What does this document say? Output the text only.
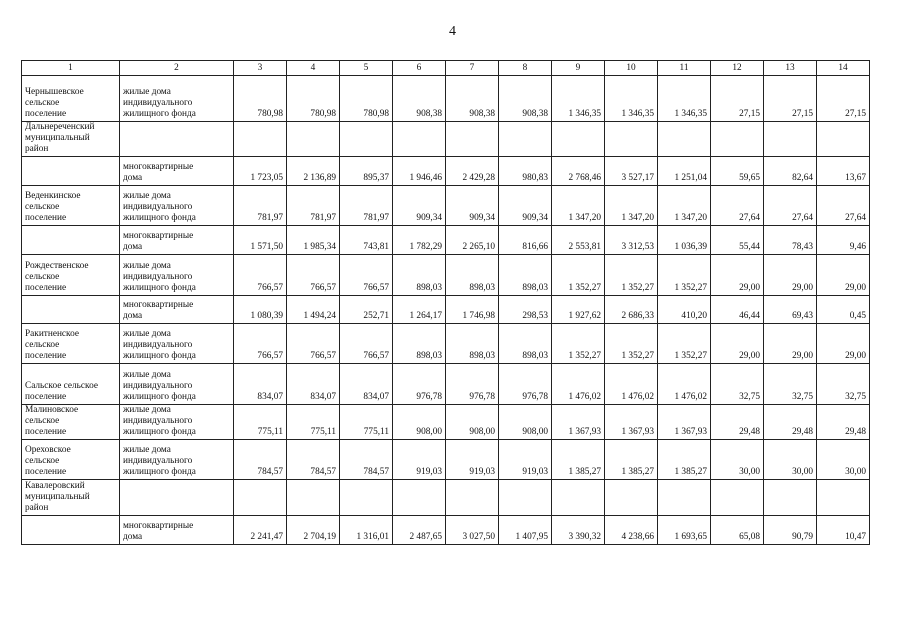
4
1	2	3	4	5	6	7	8	9	10	11	12	13	14
Чернышевское
сельское
поселение	жилые дома
индивидуального
жилищного фонда	780,98	780,98	780,98	908,38	908,38	908,38	1 346,35	1 346,35	1 346,35	27,15	27,15	27,15
Дальнереченский
муниципальный
район													
	многоквартирные
дома	1 723,05	2 136,89	895,37	1 946,46	2 429,28	980,83	2 768,46	3 527,17	1 251,04	59,65	82,64	13,67
Веденкинское
сельское
поселение	жилые дома
индивидуального
жилищного фонда	781,97	781,97	781,97	909,34	909,34	909,34	1 347,20	1 347,20	1 347,20	27,64	27,64	27,64
	многоквартирные
дома	1 571,50	1 985,34	743,81	1 782,29	2 265,10	816,66	2 553,81	3 312,53	1 036,39	55,44	78,43	9,46
Рождественское
сельское
поселение	жилые дома
индивидуального
жилищного фонда	766,57	766,57	766,57	898,03	898,03	898,03	1 352,27	1 352,27	1 352,27	29,00	29,00	29,00
	многоквартирные
дома	1 080,39	1 494,24	252,71	1 264,17	1 746,98	298,53	1 927,62	2 686,33	410,20	46,44	69,43	0,45
Ракитненское
сельское
поселение	жилые дома
индивидуального
жилищного фонда	766,57	766,57	766,57	898,03	898,03	898,03	1 352,27	1 352,27	1 352,27	29,00	29,00	29,00
Сальское сельское
поселение	жилые дома
индивидуального
жилищного фонда	834,07	834,07	834,07	976,78	976,78	976,78	1 476,02	1 476,02	1 476,02	32,75	32,75	32,75
Малиновское
сельское
поселение	жилые дома
индивидуального
жилищного фонда	775,11	775,11	775,11	908,00	908,00	908,00	1 367,93	1 367,93	1 367,93	29,48	29,48	29,48
Ореховское
сельское
поселение	жилые дома
индивидуального
жилищного фонда	784,57	784,57	784,57	919,03	919,03	919,03	1 385,27	1 385,27	1 385,27	30,00	30,00	30,00
Кавалеровский
муниципальный
район													
	многоквартирные
дома	2 241,47	2 704,19	1 316,01	2 487,65	3 027,50	1 407,95	3 390,32	4 238,66	1 693,65	65,08	90,79	10,47
